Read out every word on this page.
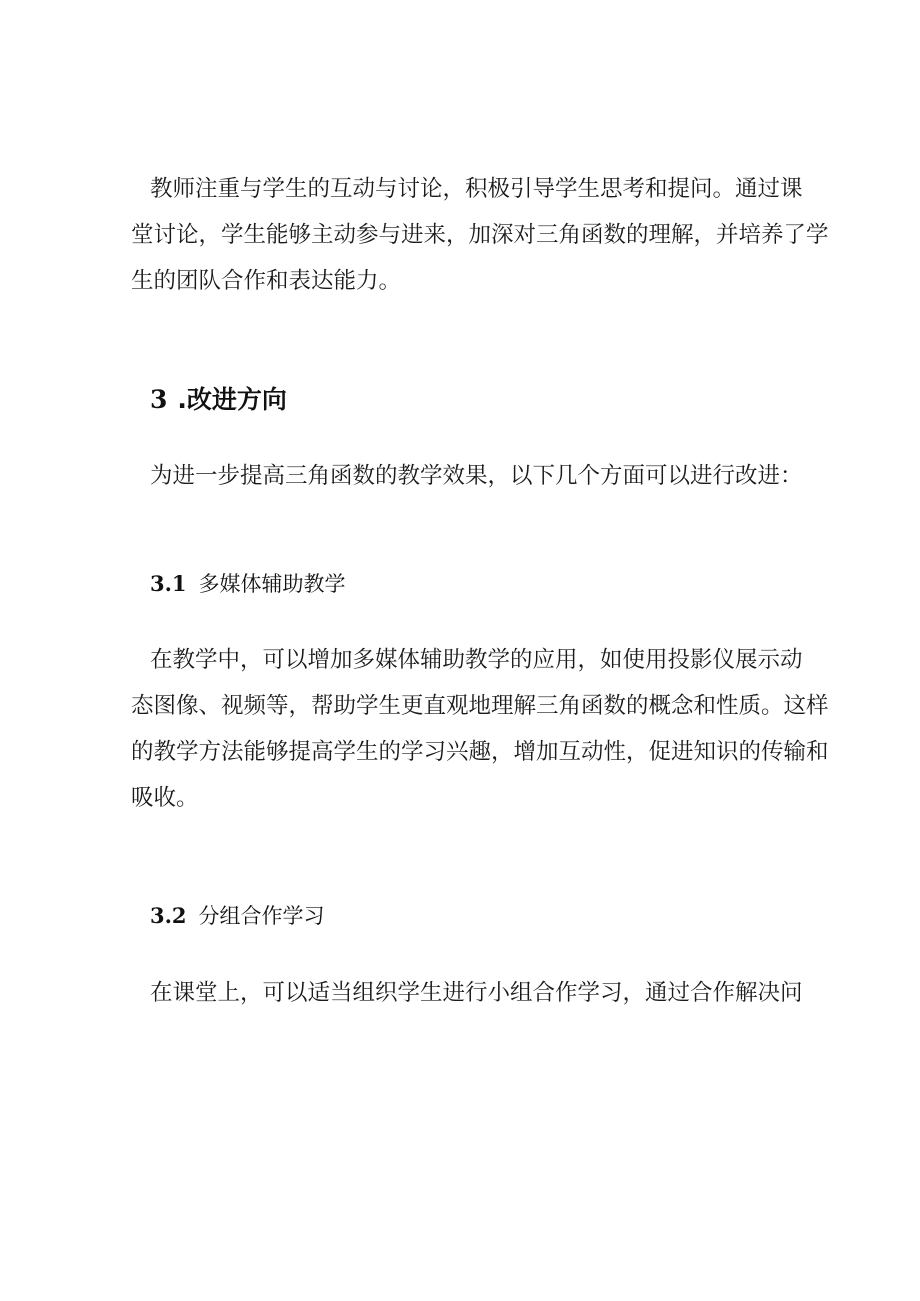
教师注重与学生的互动与讨论，积极引导学生思考和提问。通过课
堂讨论，学生能够主动参与进来，加深对三角函数的理解，并培养了学
生的团队合作和表达能力。
3 .改进方向
为进一步提高三角函数的教学效果，以下几个方面可以进行改进：
3.1 多媒体辅助教学
在教学中，可以增加多媒体辅助教学的应用，如使用投影仪展示动
态图像、视频等，帮助学生更直观地理解三角函数的概念和性质。这样
的教学方法能够提高学生的学习兴趣，增加互动性，促进知识的传输和
吸收。
3.2 分组合作学习
在课堂上，可以适当组织学生进行小组合作学习，通过合作解决问
